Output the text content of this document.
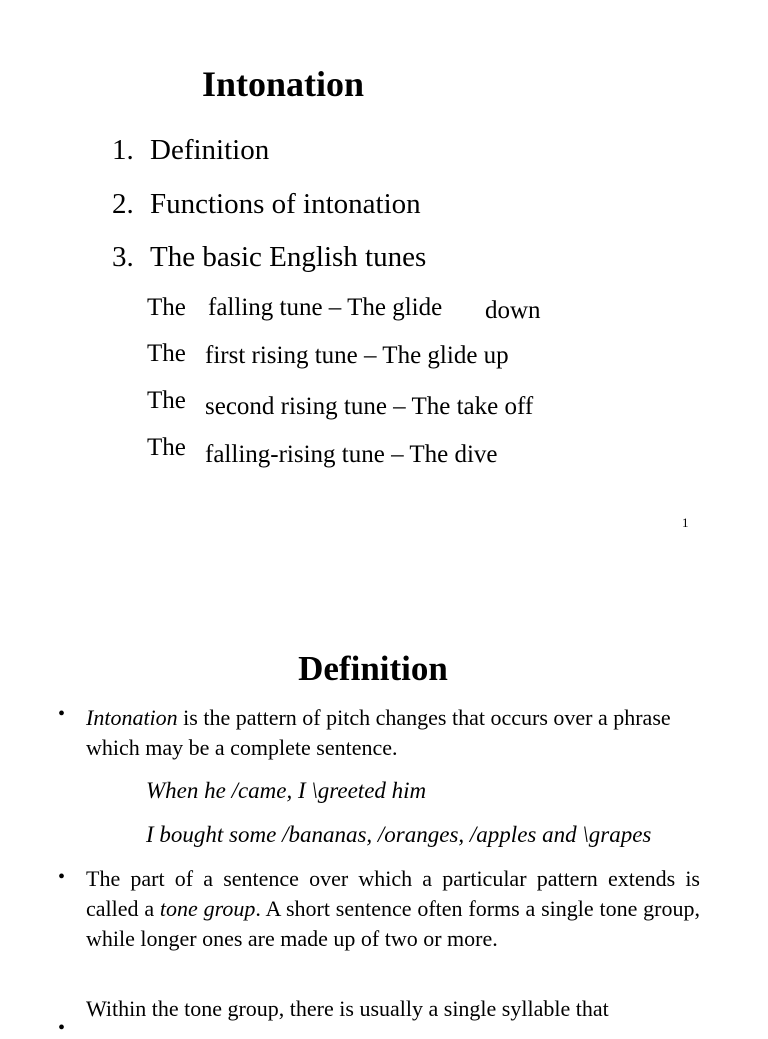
Intonation
1. Definition
2. Functions of intonation
3. The basic English tunes
The falling tune – The glide down
The first rising tune – The glide up
The second rising tune – The take off
The falling-rising tune – The dive
1
Definition
• Intonation is the pattern of pitch changes that occurs over a phrase which may be a complete sentence.

When he /came, I \greeted him

I bought some /bananas, /oranges, /apples and \grapes

• The part of a sentence over which a particular pattern extends is called a tone group. A short sentence often forms a single tone group, while longer ones are made up of two or more.

•

Within the tone group, there is usually a single syllable that
